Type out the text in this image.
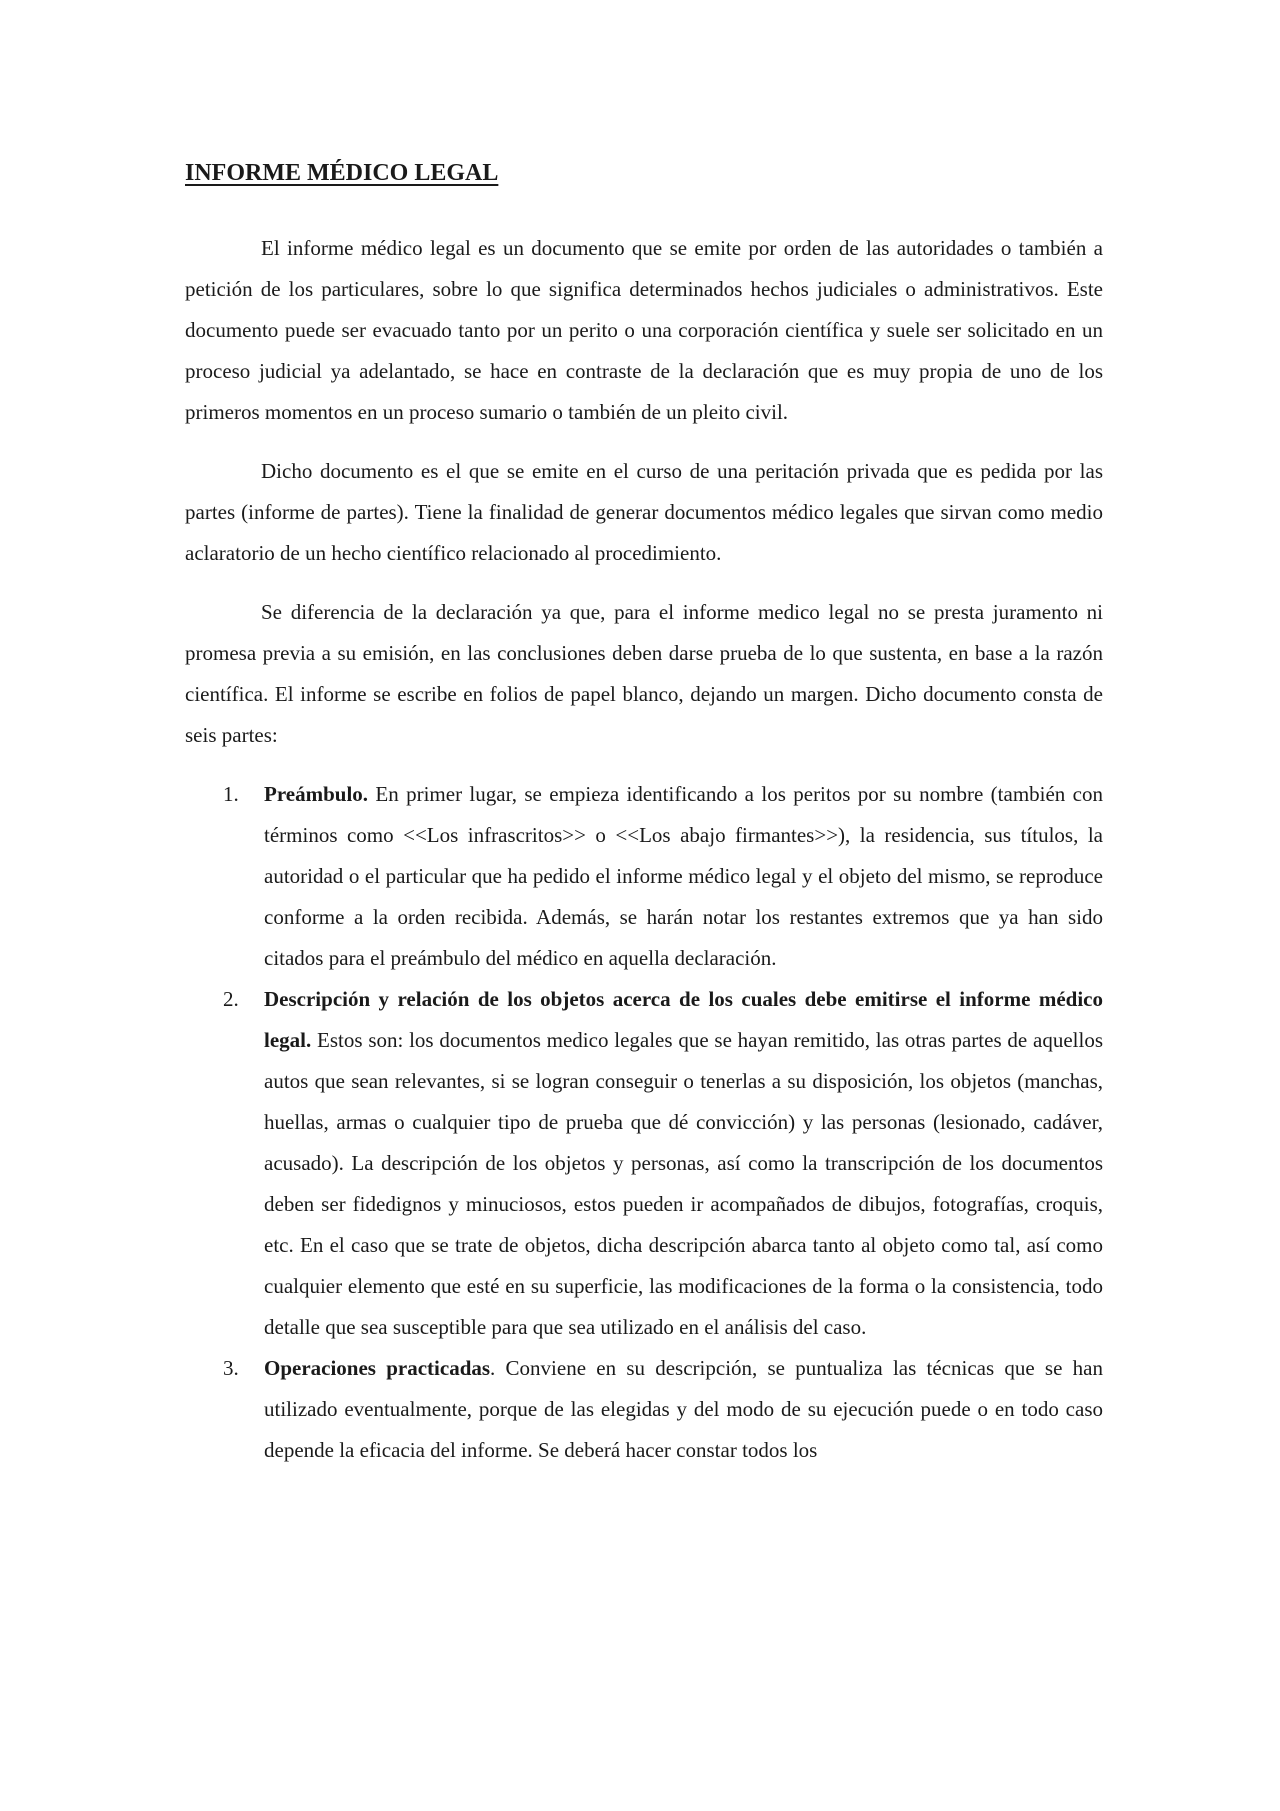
INFORME MÉDICO LEGAL

El informe médico legal es un documento que se emite por orden de las autoridades o también a petición de los particulares, sobre lo que significa determinados hechos judiciales o administrativos. Este documento puede ser evacuado tanto por un perito o una corporación científica y suele ser solicitado en un proceso judicial ya adelantado, se hace en contraste de la declaración que es muy propia de uno de los primeros momentos en un proceso sumario o también de un pleito civil.

Dicho documento es el que se emite en el curso de una peritación privada que es pedida por las partes (informe de partes). Tiene la finalidad de generar documentos médico legales que sirvan como medio aclaratorio de un hecho científico relacionado al procedimiento.

Se diferencia de la declaración ya que, para el informe medico legal no se presta juramento ni promesa previa a su emisión, en las conclusiones deben darse prueba de lo que sustenta, en base a la razón científica. El informe se escribe en folios de papel blanco, dejando un margen. Dicho documento consta de seis partes:

1. Preámbulo. En primer lugar, se empieza identificando a los peritos por su nombre (también con términos como <<Los infrascritos>> o <<Los abajo firmantes>>), la residencia, sus títulos, la autoridad o el particular que ha pedido el informe médico legal y el objeto del mismo, se reproduce conforme a la orden recibida. Además, se harán notar los restantes extremos que ya han sido citados para el preámbulo del médico en aquella declaración.
2. Descripción y relación de los objetos acerca de los cuales debe emitirse el informe médico legal. Estos son: los documentos medico legales que se hayan remitido, las otras partes de aquellos autos que sean relevantes, si se logran conseguir o tenerlas a su disposición, los objetos (manchas, huellas, armas o cualquier tipo de prueba que dé convicción) y las personas (lesionado, cadáver, acusado). La descripción de los objetos y personas, así como la transcripción de los documentos deben ser fidedignos y minuciosos, estos pueden ir acompañados de dibujos, fotografías, croquis, etc. En el caso que se trate de objetos, dicha descripción abarca tanto al objeto como tal, así como cualquier elemento que esté en su superficie, las modificaciones de la forma o la consistencia, todo detalle que sea susceptible para que sea utilizado en el análisis del caso.
3. Operaciones practicadas. Conviene en su descripción, se puntualiza las técnicas que se han utilizado eventualmente, porque de las elegidas y del modo de su ejecución puede o en todo caso depende la eficacia del informe. Se deberá hacer constar todos los
